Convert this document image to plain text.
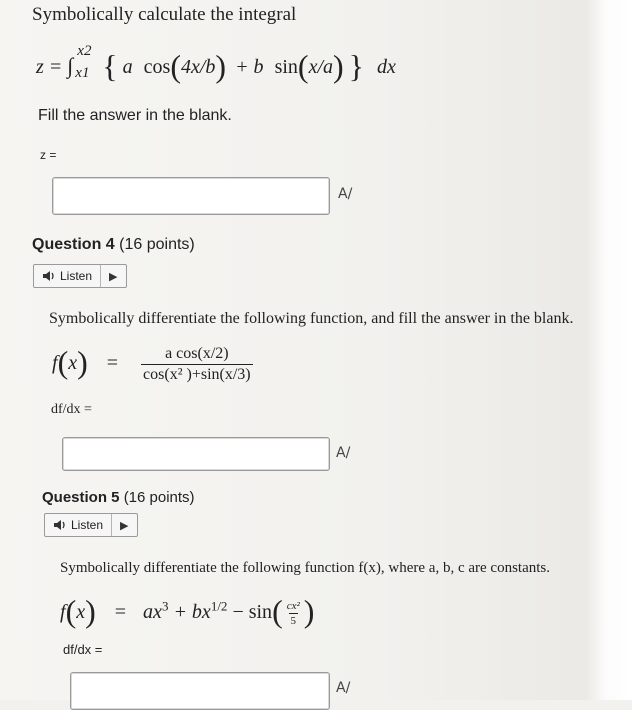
Symbolically calculate the integral
z = ∫
x2
x1 { a cos(4x/b) + b sin(x/a) } dx
Fill the answer in the blank.
z =
A/
Question 4 (16 points)
Listen	▶
Symbolically differentiate the following function, and fill the answer in the blank.
$f(x) = \frac{\text{a cos(x/2)}}{\text{cos(x² )+sin(x/3)}}$
df/dx =
A/
Question 5 (16 points)
Listen	▶
Symbolically differentiate the following function f(x), where a, b, c are constants.
$f(x) = ax^3 + bx^{1/2} - \sin( \frac{\text{cx²}}{5}$ )
df/dx =
A/
